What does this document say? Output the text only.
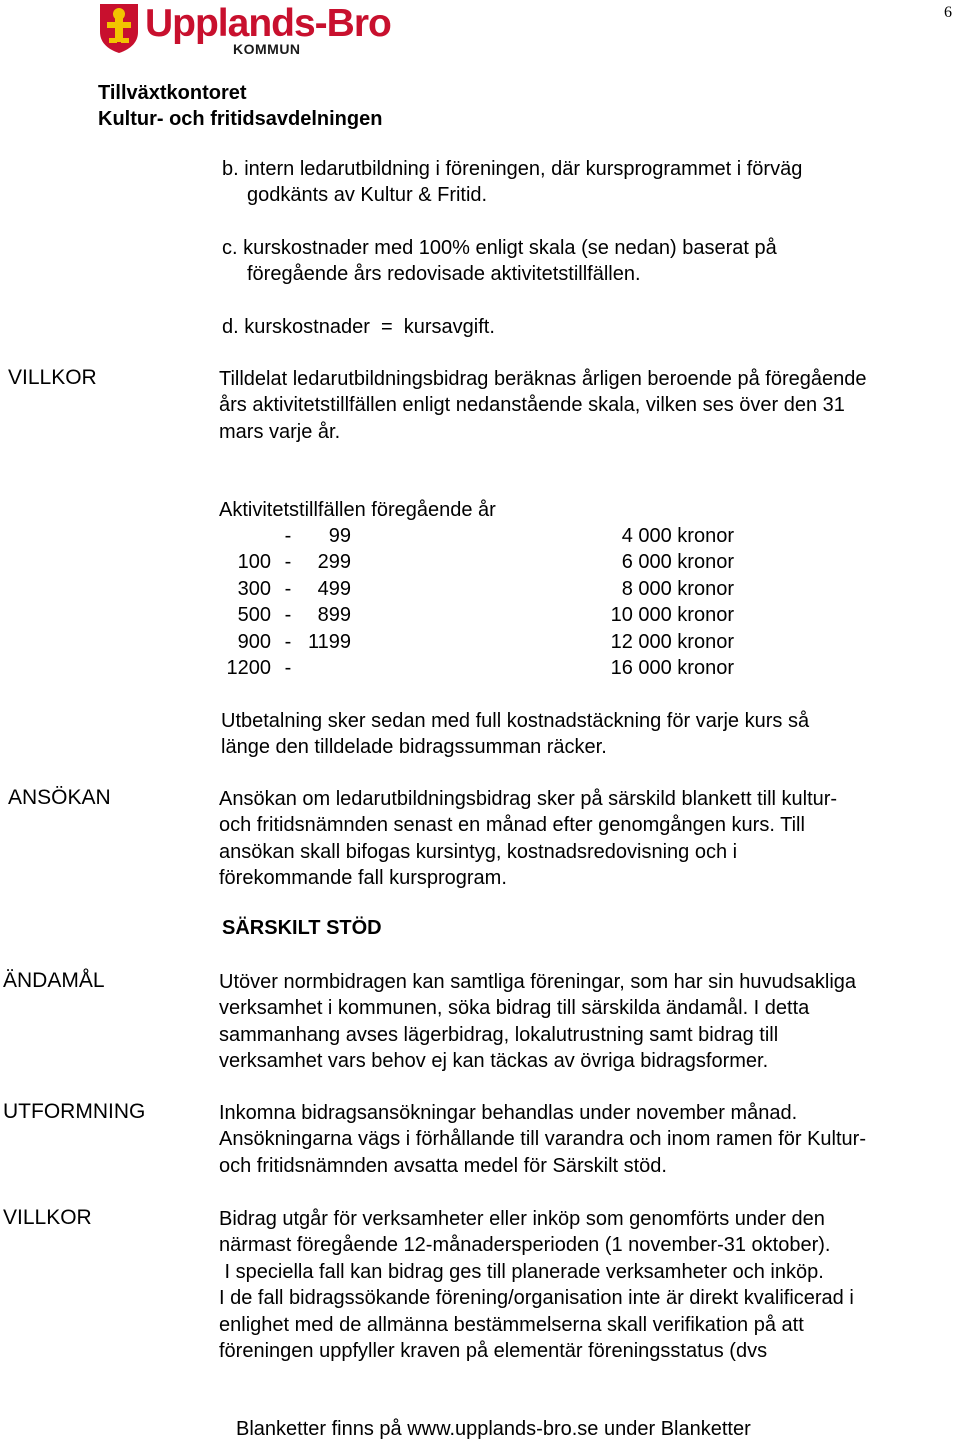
6
Upplands-Bro
KOMMUN
Tillväxtkontoret
Kultur- och fritidsavdelningen
b. intern ledarutbildning i föreningen, där kursprogrammet i förväg
godkänts av Kultur & Fritid.
c. kurskostnader med 100% enligt skala (se nedan) baserat på
föregående års redovisade aktivitetstillfällen.
d. kurskostnader  =  kursavgift.
VILLKOR	Tilldelat ledarutbildningsbidrag beräknas årligen beroende på föregående
års aktivitetstillfällen enligt nedanstående skala, vilken ses över den 31
mars varje år.
Aktivitetstillfällen föregående år
	-	99	4 000 kronor
100	-	299	6 000 kronor
300	-	499	8 000 kronor
500	-	899	10 000 kronor
900	-	1199	12 000 kronor
1200	-		16 000 kronor
Utbetalning sker sedan med full kostnadstäckning för varje kurs så
länge den tilldelade bidragssumman räcker.
ANSÖKAN	Ansökan om ledarutbildningsbidrag sker på särskild blankett till kultur-
och fritidsnämnden senast en månad efter genomgången kurs. Till
ansökan skall bifogas kursintyg, kostnadsredovisning och i
förekommande fall kursprogram.
SÄRSKILT STÖD
ÄNDAMÅL	Utöver normbidragen kan samtliga föreningar, som har sin huvudsakliga
verksamhet i kommunen, söka bidrag till särskilda ändamål. I detta
sammanhang avses lägerbidrag, lokalutrustning samt bidrag till
verksamhet vars behov ej kan täckas av övriga bidragsformer.
UTFORMNING	Inkomna bidragsansökningar behandlas under november månad.
Ansökningarna vägs i förhållande till varandra och inom ramen för Kultur-
och fritidsnämnden avsatta medel för Särskilt stöd.
VILLKOR	Bidrag utgår för verksamheter eller inköp som genomförts under den
närmast föregående 12-månadersperioden (1 november-31 oktober).
I speciella fall kan bidrag ges till planerade verksamheter och inköp.
I de fall bidragssökande förening/organisation inte är direkt kvalificerad i
enlighet med de allmänna bestämmelserna skall verifikation på att
föreningen uppfyller kraven på elementär föreningsstatus (dvs
Blanketter finns på www.upplands-bro.se under Blanketter
